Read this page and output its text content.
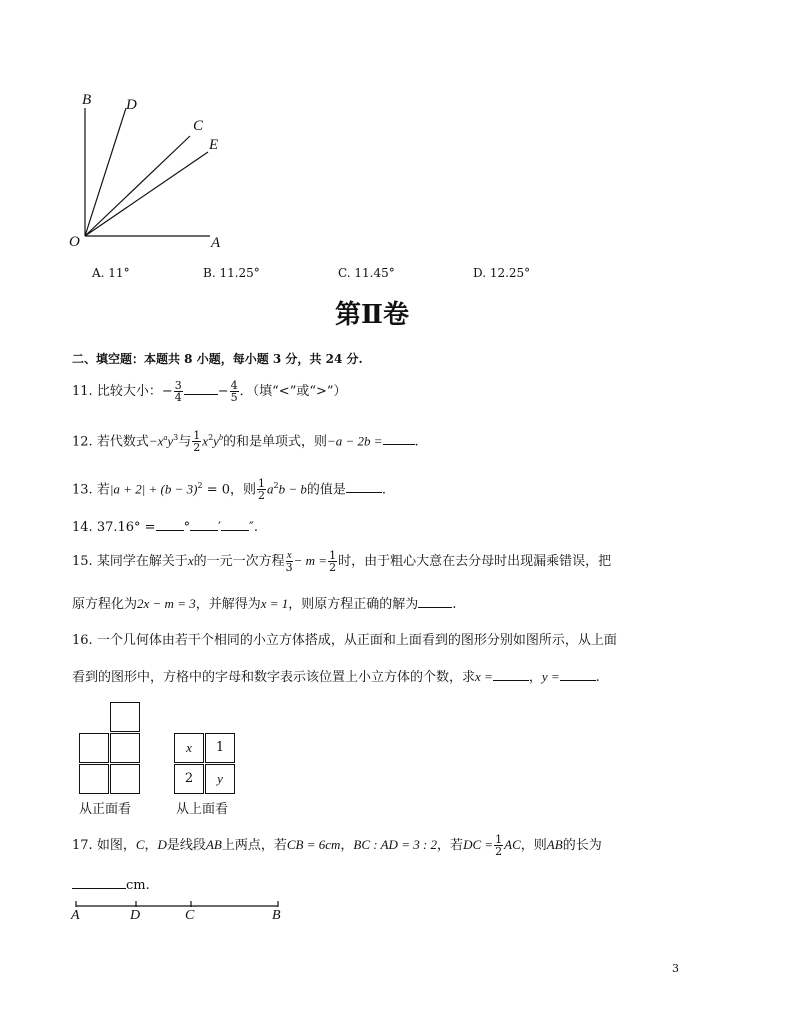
B D
C
E
O	A
A. 11°	B. 11.25°	C. 11.45°	D. 12.25°
第Ⅱ卷
二、填空题：本题共 8 小题，每小题 3 分，共 24 分.
11. 比较大小：− $\frac{3}{4}$	− $\frac{4}{5}$ ．（填“<”或“>”）
12. 若代数式$-x^ay^3$与 $\frac{1}{2} x^2y^b$的和是单项式，则−a − 2b = .
13. 若$|a + 2| + (b - 3)^2 = 0$，则 $\frac{1}{2} a^2b - b$的值是	.
14. 37.16° = ° ′ ″.
15. 某同学在解关于x的一元一次方程 $\frac{x}{3} - m = \frac{1}{2}$ 时，由于粗心大意在去分母时出现漏乘错误，把
原方程化为2x − m = 3，并解得为x = 1，则原方程正确的解为	.
16. 一个几何体由若干个相同的小立方体搭成，从正面和上面看到的图形分别如图所示，从上面
看到的图形中，方格中的字母和数字表示该位置上小立方体的个数，求x =	，y =	.
从正面看
x	1
2	y
从上面看
17. 如图，C，D是线段AB上两点，若CB = 6cm，BC : AD = 3 : 2，若DC = $\frac{1}{2}$ AC，则AB的长为
cm.
A	D	C	B
3
